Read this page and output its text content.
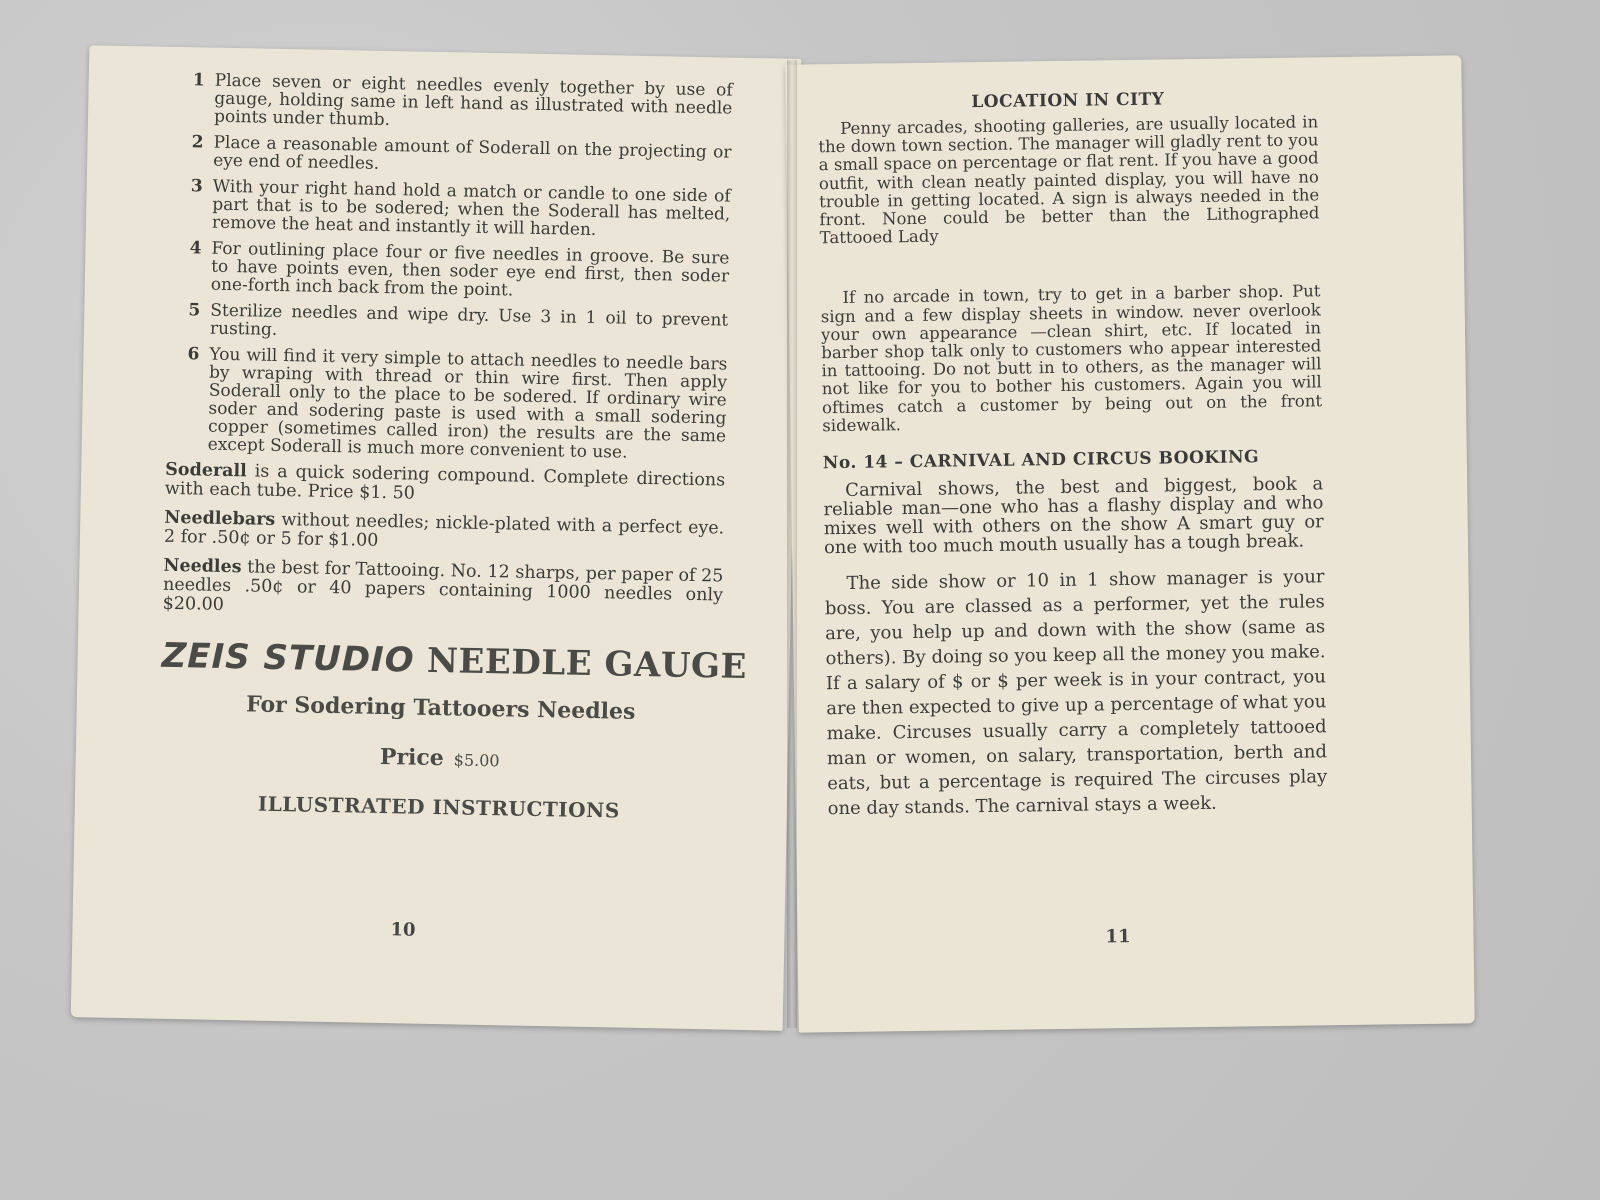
1 Place seven or eight needles evenly together by use of gauge, holding same in left hand as illustrated with needle points under thumb.
2 Place a reasonable amount of Soderall on the projecting or eye end of needles.
3 With your right hand hold a match or candle to one side of part that is to be sodered; when the Soderall has melted, remove the heat and instantly it will harden.
4 For outlining place four or five needles in groove. Be sure to have points even, then soder eye end first, then soder one-forth inch back from the point.
5 Sterilize needles and wipe dry. Use 3 in 1 oil to prevent rusting.
6 You will find it very simple to attach needles to needle bars by wraping with thread or thin wire first. Then apply Soderall only to the place to be sodered. If ordinary wire soder and sodering paste is used with a small sodering copper (sometimes called iron) the results are the same except Soderall is much more convenient to use.

Soderall is a quick sodering compound. Complete directions with each tube. Price $1. 50

Needlebars without needles; nickle-plated with a perfect eye. 2 for .50¢ or 5 for $1.00

Needles the best for Tattooing. No. 12 sharps, per paper of 25 needles .50¢ or 40 papers containing 1000 needles only $20.00

ZEIS STUDIO NEEDLE GAUGE
For Sodering Tattooers Needles
Price $5.00
ILLUSTRATED INSTRUCTIONS
10

LOCATION IN CITY

Penny arcades, shooting galleries, are usually located in the down town section. The manager will gladly rent to you a small space on percentage or flat rent. If you have a good outfit, with clean neatly painted display, you will have no trouble in getting located. A sign is always needed in the front. None could be better than the Lithographed Tattooed Lady

If no arcade in town, try to get in a barber shop. Put sign and a few display sheets in window. never overlook your own appearance —clean shirt, etc. If located in barber shop talk only to customers who appear interested in tattooing. Do not butt in to others, as the manager will not like for you to bother his customers. Again you will oftimes catch a customer by being out on the front sidewalk.

No. 14 – CARNIVAL AND CIRCUS BOOKING

Carnival shows, the best and biggest, book a reliable man—one who has a flashy display and who mixes well with others on the show A smart guy or one with too much mouth usually has a tough break.

The side show or 10 in 1 show manager is your boss. You are classed as a performer, yet the rules are, you help up and down with the show (same as others). By doing so you keep all the money you make. If a salary of $ or $ per week is in your contract, you are then expected to give up a percentage of what you make. Circuses usually carry a completely tattooed man or women, on salary, transportation, berth and eats, but a percentage is required The circuses play one day stands. The carnival stays a week.

11
